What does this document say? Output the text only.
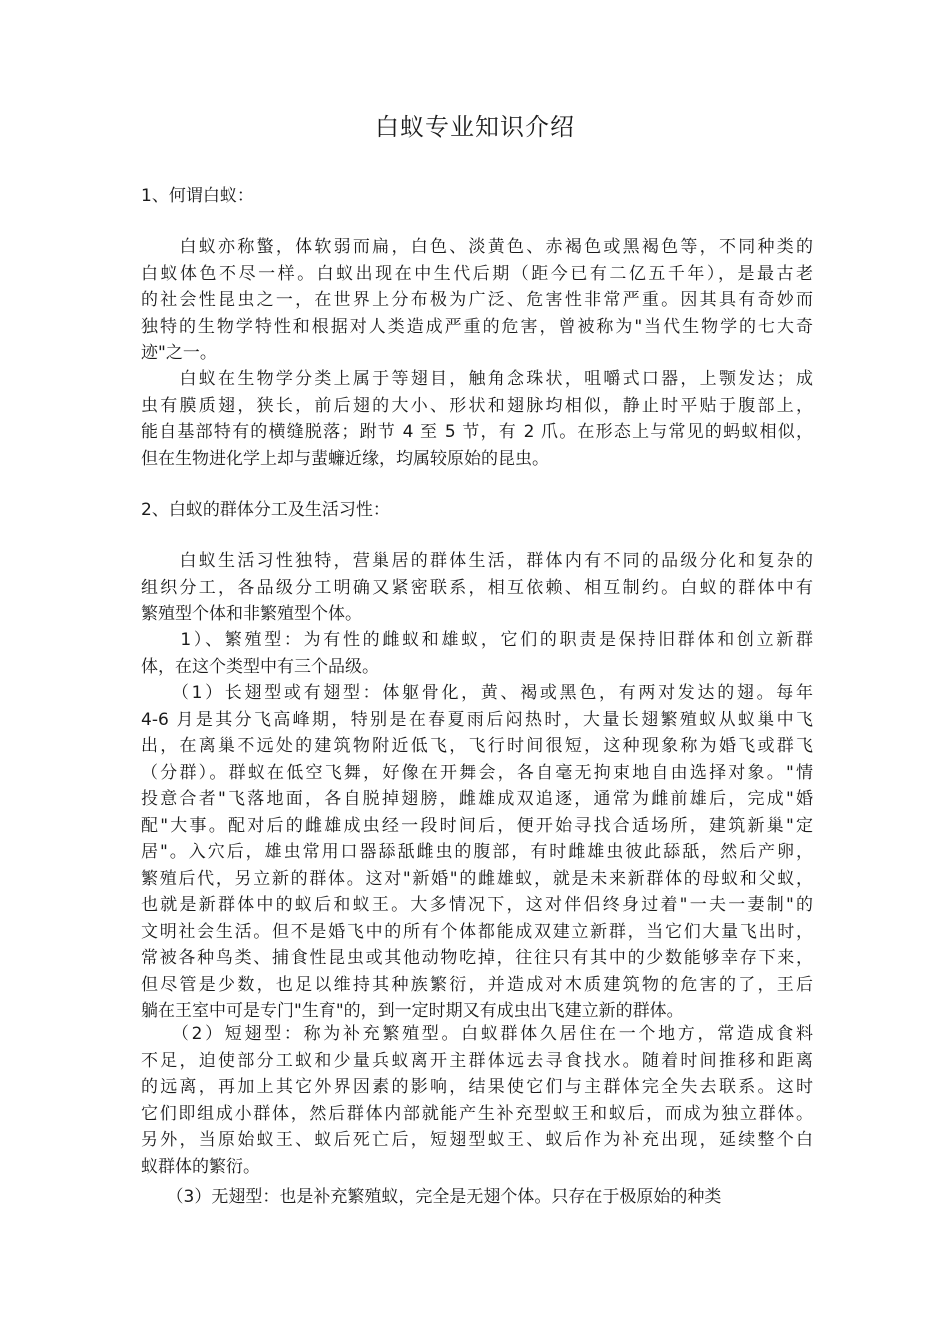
白蚁专业知识介绍
1、何谓白蚁：
　　白蚁亦称蟼，体软弱而扁，白色、淡黄色、赤褐色或黑褐色等，不同种类的
白蚁体色不尽一样。白蚁出现在中生代后期（距今已有二亿五千年），是最古老
的社会性昆虫之一，在世界上分布极为广泛、危害性非常严重。因其具有奇妙而
独特的生物学特性和根据对人类造成严重的危害，曾被称为"当代生物学的七大奇
迹"之一。
　　白蚁在生物学分类上属于等翅目，触角念珠状，咀嚼式口器，上颚发达；成
虫有膜质翅，狭长，前后翅的大小、形状和翅脉均相似，静止时平贴于腹部上，
能自基部特有的横缝脱落；跗节 4 至 5 节，有 2 爪。在形态上与常见的蚂蚁相似，
但在生物进化学上却与蜚蠊近缘，均属较原始的昆虫。
2、白蚁的群体分工及生活习性：
　　白蚁生活习性独特，营巢居的群体生活，群体内有不同的品级分化和复杂的
组织分工，各品级分工明确又紧密联系，相互依赖、相互制约。白蚁的群体中有
繁殖型个体和非繁殖型个体。
　　1）、繁殖型：为有性的雌蚁和雄蚁，它们的职责是保持旧群体和创立新群
体，在这个类型中有三个品级。
　　（1）长翅型或有翅型：体躯骨化，黄、褐或黑色，有两对发达的翅。每年
4-6 月是其分飞高峰期，特别是在春夏雨后闷热时，大量长翅繁殖蚁从蚁巢中飞
出，在离巢不远处的建筑物附近低飞，飞行时间很短，这种现象称为婚飞或群飞
（分群）。群蚁在低空飞舞，好像在开舞会，各自毫无拘束地自由选择对象。"情
投意合者"飞落地面，各自脱掉翅膀，雌雄成双追逐，通常为雌前雄后，完成"婚
配"大事。配对后的雌雄成虫经一段时间后，便开始寻找合适场所，建筑新巢"定
居"。入穴后，雄虫常用口器舔舐雌虫的腹部，有时雌雄虫彼此舔舐，然后产卵，
繁殖后代，另立新的群体。这对"新婚"的雌雄蚁，就是未来新群体的母蚁和父蚁，
也就是新群体中的蚁后和蚁王。大多情况下，这对伴侣终身过着"一夫一妻制"的
文明社会生活。但不是婚飞中的所有个体都能成双建立新群，当它们大量飞出时，
常被各种鸟类、捕食性昆虫或其他动物吃掉，往往只有其中的少数能够幸存下来，
但尽管是少数，也足以维持其种族繁衍，并造成对木质建筑物的危害的了，王后
躺在王室中可是专门"生育"的，到一定时期又有成虫出飞建立新的群体。
　　（2）短翅型：称为补充繁殖型。白蚁群体久居住在一个地方，常造成食料
不足，迫使部分工蚁和少量兵蚁离开主群体远去寻食找水。随着时间推移和距离
的远离，再加上其它外界因素的影响，结果使它们与主群体完全失去联系。这时
它们即组成小群体，然后群体内部就能产生补充型蚁王和蚁后，而成为独立群体。
另外，当原始蚁王、蚁后死亡后，短翅型蚁王、蚁后作为补充出现，延续整个白
蚁群体的繁衍。
　　（3）无翅型：也是补充繁殖蚁，完全是无翅个体。只存在于极原始的种类
